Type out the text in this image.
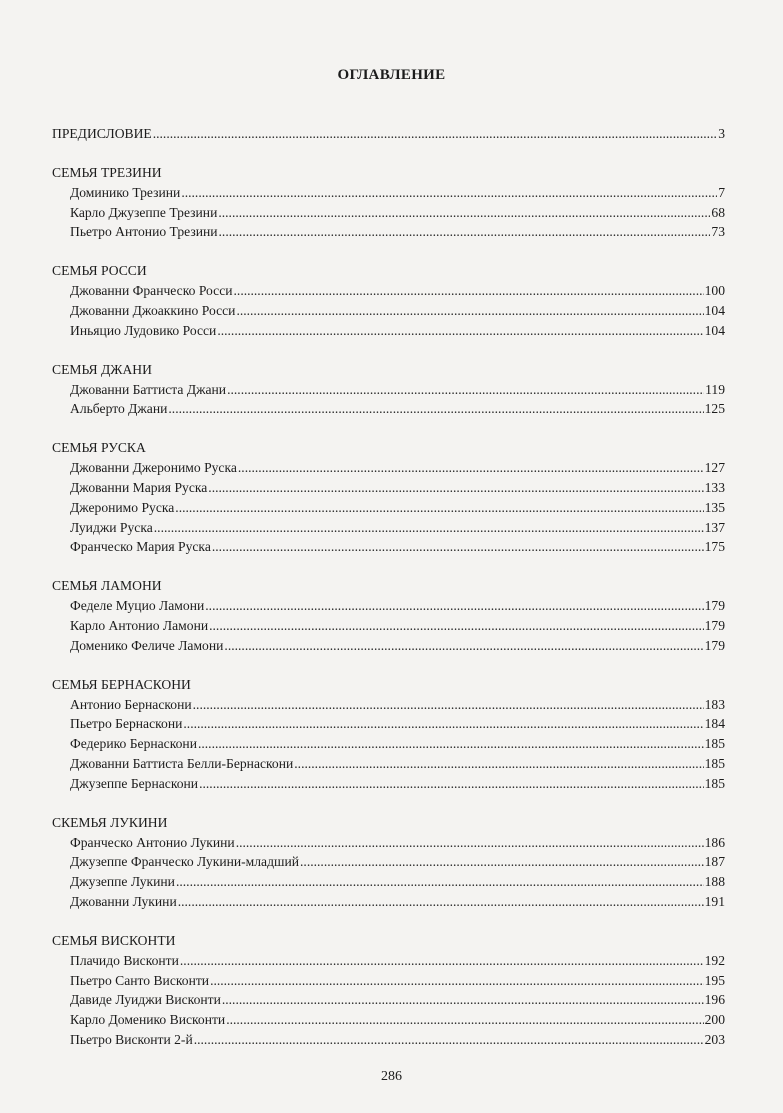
ОГЛАВЛЕНИЕ
ПРЕДИСЛОВИЕ .....	3
СЕМЬЯ ТРЕЗИНИ
Доминико Трезини .....	7
Карло Джузеппе Трезини .....	68
Пьетро Антонио Трезини .....	73
СЕМЬЯ РОССИ
Джованни Франческо Росси .....	100
Джованни Джоаккино Росси .....	104
Иньяцио Лудовико Росси .....	104
СЕМЬЯ ДЖАНИ
Джованни Баттиста Джани .....	119
Альберто Джани .....	125
СЕМЬЯ РУСКА
Джованни Джеронимо Руска .....	127
Джованни Мария Руска .....	133
Джеронимо Руска .....	135
Луиджи Руска .....	137
Франческо Мария Руска .....	175
СЕМЬЯ ЛАМОНИ
Феделе Муцио Ламони .....	179
Карло Антонио Ламони .....	179
Доменико Феличе Ламони .....	179
СЕМЬЯ БЕРНАСКОНИ
Антонио Бернаскони .....	183
Пьетро Бернаскони .....	184
Федерико Бернаскони .....	185
Джованни Баттиста Белли-Бернаскони .....	185
Джузеппе Бернаскони .....	185
СКЕМЬЯ ЛУКИНИ
Франческо Антонио Лукини .....	186
Джузеппе Франческо Лукини-младший .....	187
Джузеппе Лукини .....	188
Джованни Лукини .....	191
СЕМЬЯ ВИСКОНТИ
Плачидо Висконти .....	192
Пьетро Санто Висконти .....	195
Давиде Луиджи Висконти .....	196
Карло Доменико Висконти .....	200
Пьетро Висконти 2-й .....	203
286
